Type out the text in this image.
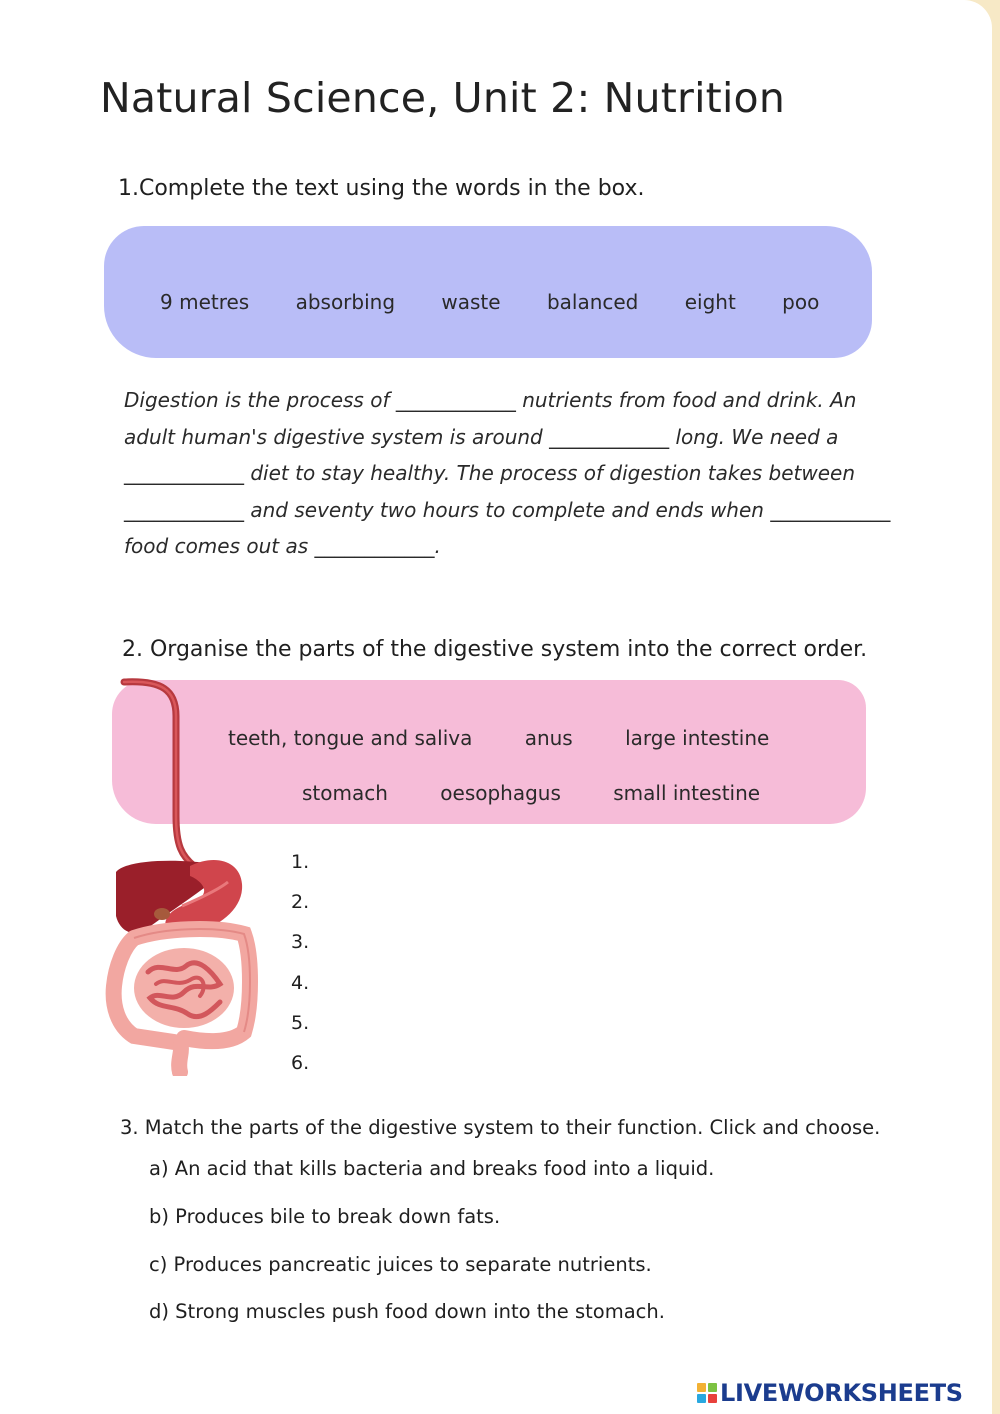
Natural Science, Unit 2: Nutrition
1.Complete the text using the words in the box.
9 metres absorbing waste balanced eight poo
Digestion is the process of ____________ nutrients from food and drink. An
adult human's digestive system is around ____________ long. We need a
____________ diet to stay healthy. The process of digestion takes between
____________ and seventy two hours to complete and ends when ____________
food comes out as ____________.
2. Organise the parts of the digestive system into the correct order.
teeth, tongue and saliva	anus	large intestine
stomach	oesophagus	small intestine
1.
2.
3.
4.
5.
6.
3. Match the parts of the digestive system to their function. Click and choose.
a) An acid that kills bacteria and breaks food into a liquid.
b) Produces bile to break down fats.
c) Produces pancreatic juices to separate nutrients.
d) Strong muscles push food down into the stomach.
LIVEWORKSHEETS
